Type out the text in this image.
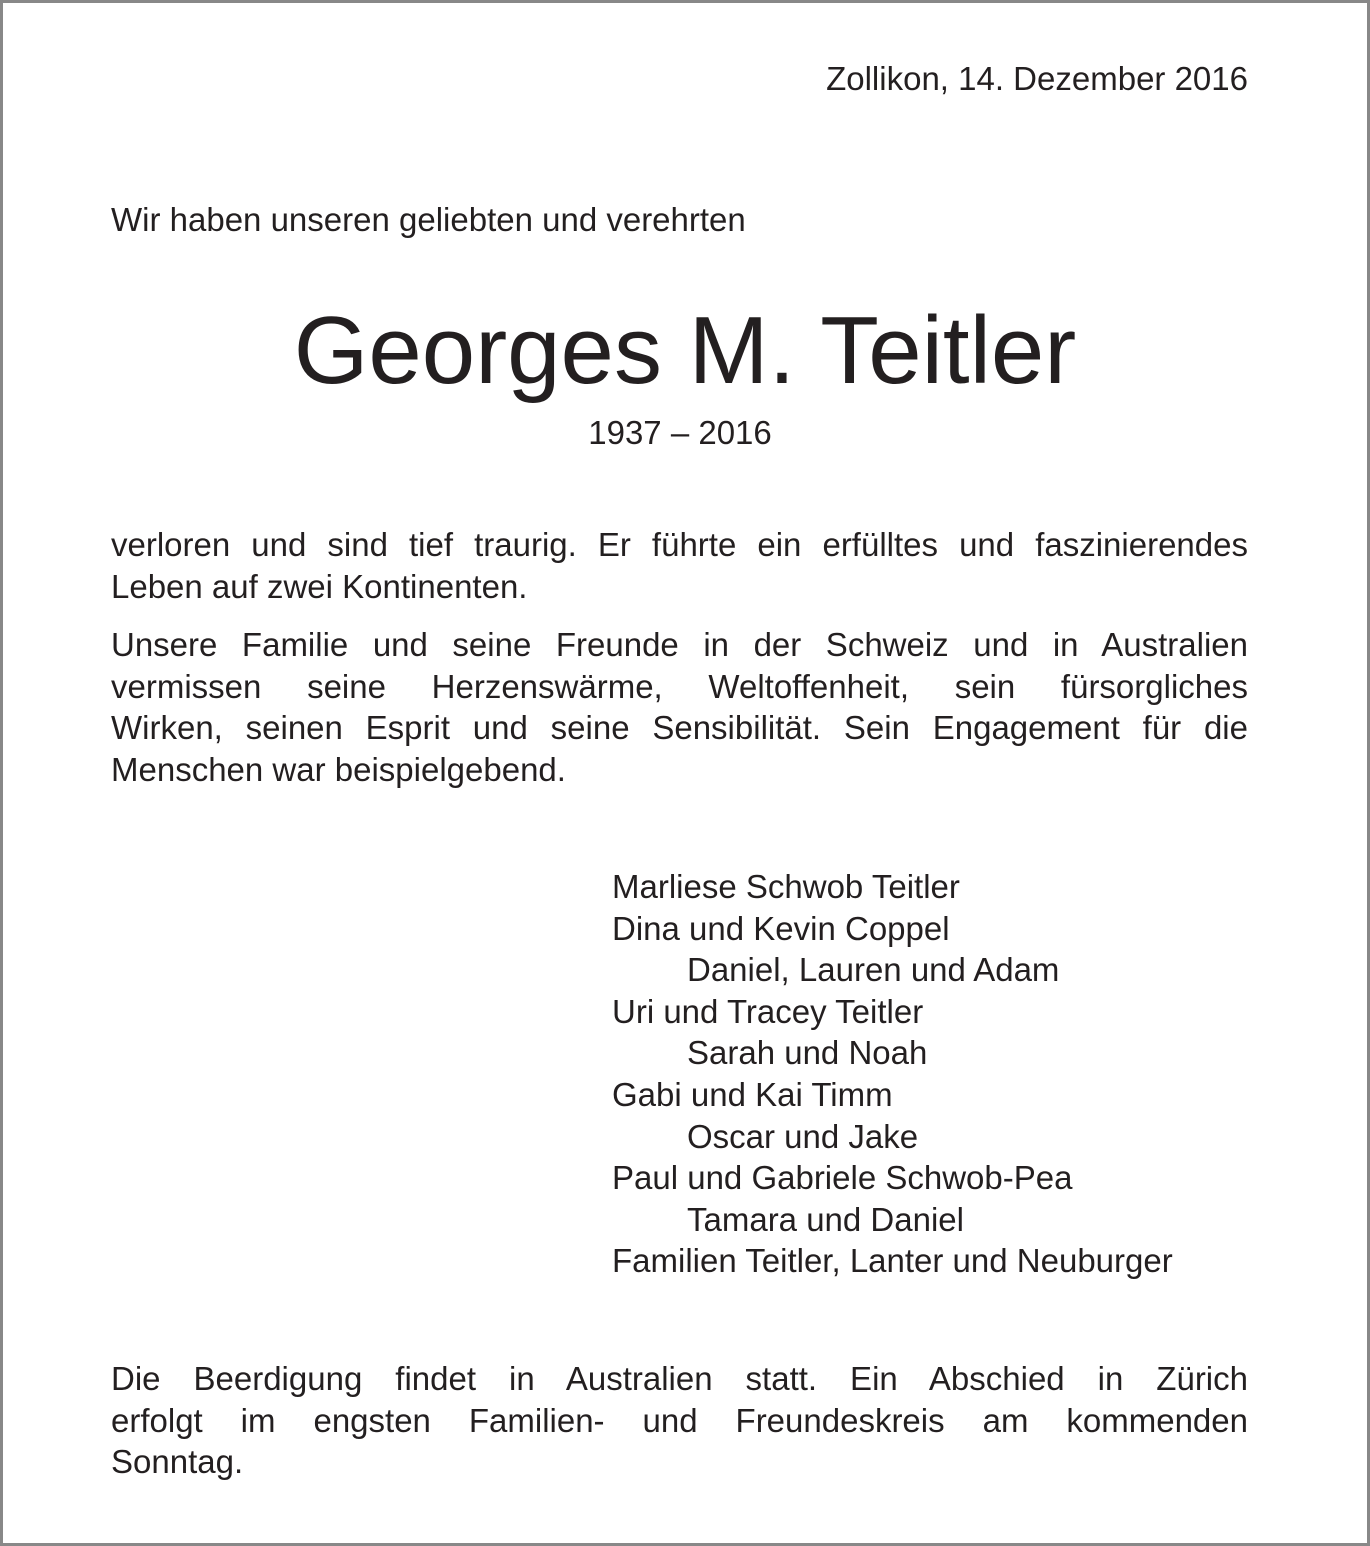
Zollikon, 14. Dezember 2016
Wir haben unseren geliebten und verehrten
Georges M. Teitler
1937 – 2016
verloren und sind tief traurig. Er führte ein erfülltes und faszinierendes
Leben auf zwei Kontinenten.
Unsere Familie und seine Freunde in der Schweiz und in Australien
vermissen seine Herzenswärme, Weltoffenheit, sein fürsorgliches
Wirken, seinen Esprit und seine Sensibilität. Sein Engagement für die
Menschen war beispielgebend.
Marliese Schwob Teitler
Dina und Kevin Coppel
Daniel, Lauren und Adam
Uri und Tracey Teitler
Sarah und Noah
Gabi und Kai Timm
Oscar und Jake
Paul und Gabriele Schwob-Pea
Tamara und Daniel
Familien Teitler, Lanter und Neuburger
Die Beerdigung findet in Australien statt. Ein Abschied in Zürich
erfolgt im engsten Familien- und Freundeskreis am kommenden
Sonntag.
